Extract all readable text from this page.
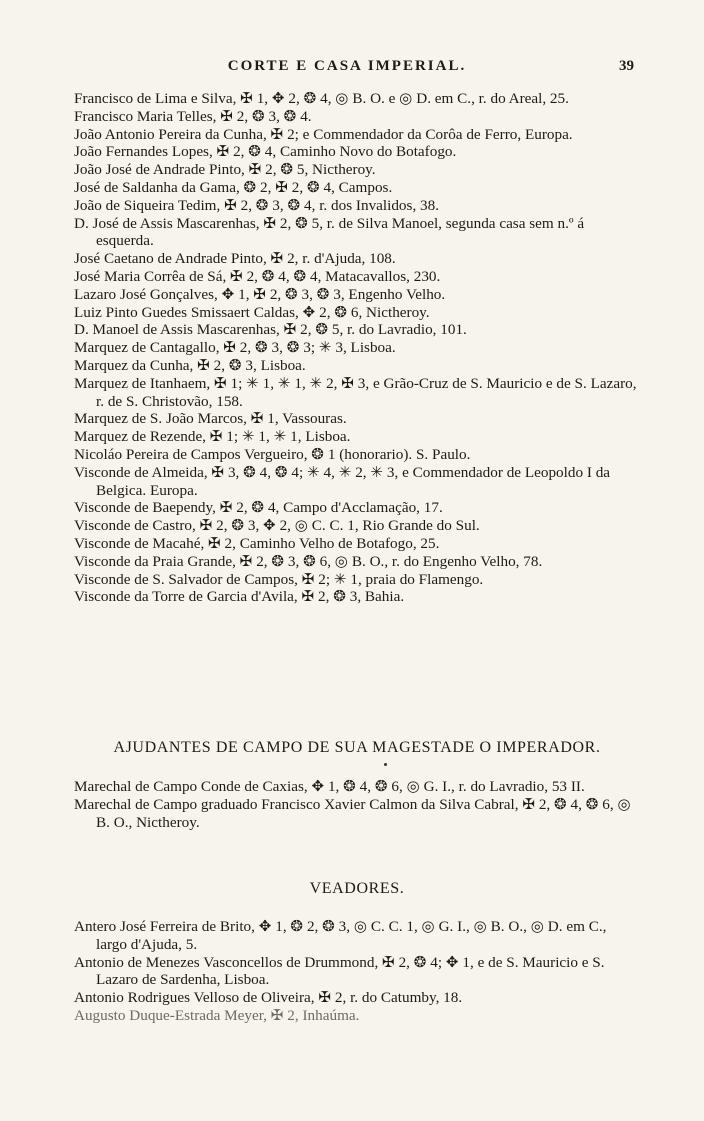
CORTE E CASA IMPERIAL.	39

Francisco de Lima e Silva, ✠ 1, ✥ 2, ❂ 4, ◎ B. O. e ◎ D. em C., r. do Areal, 25.

Francisco Maria Telles, ✠ 2, ❂ 3, ❂ 4.

João Antonio Pereira da Cunha, ✠ 2; e Commendador da Corôa de Ferro, Europa.

João Fernandes Lopes, ✠ 2, ❂ 4, Caminho Novo do Botafogo.

João José de Andrade Pinto, ✠ 2, ❂ 5, Nictheroy.

José de Saldanha da Gama, ❂ 2, ✠ 2, ❂ 4, Campos.

João de Siqueira Tedim, ✠ 2, ❂ 3, ❂ 4, r. dos Invalidos, 38.

D. José de Assis Mascarenhas, ✠ 2, ❂ 5, r. de Silva Manoel, segunda casa sem n.º á esquerda.

José Caetano de Andrade Pinto, ✠ 2, r. d'Ajuda, 108.

José Maria Corrêa de Sá, ✠ 2, ❂ 4, ❂ 4, Matacavallos, 230.

Lazaro José Gonçalves, ✥ 1, ✠ 2, ❂ 3, ❂ 3, Engenho Velho.

Luiz Pinto Guedes Smissaert Caldas, ✥ 2, ❂ 6, Nictheroy.

D. Manoel de Assis Mascarenhas, ✠ 2, ❂ 5, r. do Lavradio, 101.

Marquez de Cantagallo, ✠ 2, ❂ 3, ❂ 3; ✳ 3, Lisboa.

Marquez da Cunha, ✠ 2, ❂ 3, Lisboa.

Marquez de Itanhaem, ✠ 1; ✳ 1, ✳ 1, ✳ 2, ✠ 3, e Grão-Cruz de S. Mauricio e de S. Lazaro, r. de S. Christovão, 158.

Marquez de S. João Marcos, ✠ 1, Vassouras.

Marquez de Rezende, ✠ 1; ✳ 1, ✳ 1, Lisboa.

Nicoláo Pereira de Campos Vergueiro, ❂ 1 (honorario). S. Paulo.

Visconde de Almeida, ✠ 3, ❂ 4, ❂ 4; ✳ 4, ✳ 2, ✳ 3, e Commendador de Leopoldo I da Belgica. Europa.

Visconde de Baependy, ✠ 2, ❂ 4, Campo d'Acclamação, 17.

Visconde de Castro, ✠ 2, ❂ 3, ✥ 2, ◎ C. C. 1, Rio Grande do Sul.

Visconde de Macahé, ✠ 2, Caminho Velho de Botafogo, 25.

Visconde da Praia Grande, ✠ 2, ❂ 3, ❂ 6, ◎ B. O., r. do Engenho Velho, 78.

Visconde de S. Salvador de Campos, ✠ 2; ✳ 1, praia do Flamengo.

Visconde da Torre de Garcia d'Avila, ✠ 2, ❂ 3, Bahia.

AJUDANTES DE CAMPO DE SUA MAGESTADE O IMPERADOR.

Marechal de Campo Conde de Caxias, ✥ 1, ❂ 4, ❂ 6, ◎ G. I., r. do Lavradio, 53 II.

Marechal de Campo graduado Francisco Xavier Calmon da Silva Cabral, ✠ 2, ❂ 4, ❂ 6, ◎ B. O., Nictheroy.

VEADORES.

Antero José Ferreira de Brito, ✥ 1, ❂ 2, ❂ 3, ◎ C. C. 1, ◎ G. I., ◎ B. O., ◎ D. em C., largo d'Ajuda, 5.

Antonio de Menezes Vasconcellos de Drummond, ✠ 2, ❂ 4; ✥ 1, e de S. Mauricio e S. Lazaro de Sardenha, Lisboa.

Antonio Rodrigues Velloso de Oliveira, ✠ 2, r. do Catumby, 18.

Augusto Duque-Estrada Meyer, ✠ 2, Inhaúma.
